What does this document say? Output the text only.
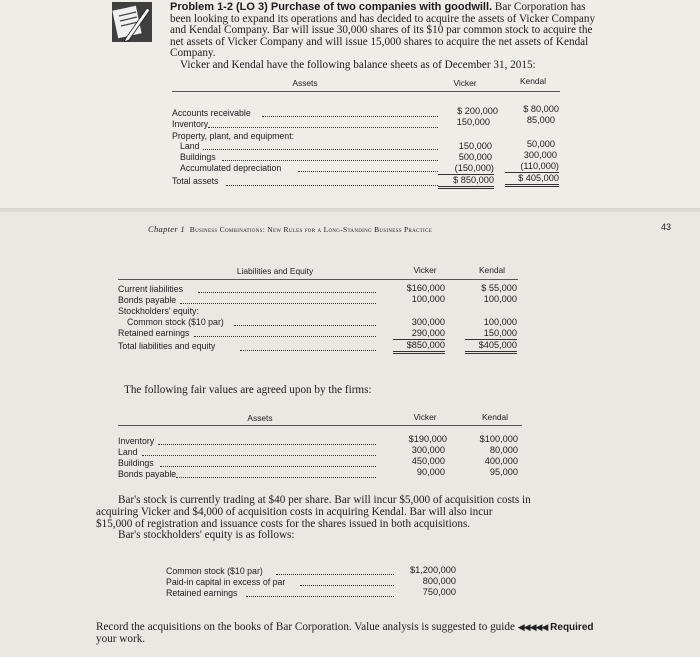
Problem 1-2 (LO 3) Purchase of two companies with goodwill. Bar Corporation has
been looking to expand its operations and has decided to acquire the assets of Vicker Company
and Kendal Company. Bar will issue 30,000 shares of its $10 par common stock to acquire the
net assets of Vicker Company and will issue 15,000 shares to acquire the net assets of Kendal
Company.
Vicker and Kendal have the following balance sheets as of December 31, 2015:
Assets	Vicker	Kendal
Accounts receivable	$ 200,000	$ 80,000
Inventory	150,000	85,000
Property, plant, and equipment:
Land	150,000	50,000
Buildings	500,000	300,000
Accumulated depreciation	(150,000)	(110,000)
Total assets	$ 850,000	$ 405,000
Chapter 1 Business Combinations: New Rules for a Long-Standing Business Practice	43
Liabilities and Equity	Vicker	Kendal
Current liabilities	$160,000	$ 55,000
Bonds payable	100,000	100,000
Stockholders' equity:
Common stock ($10 par)	300,000	100,000
Retained earnings	290,000	150,000
Total liabilities and equity	$850,000	$405,000
The following fair values are agreed upon by the firms:
Assets	Vicker	Kendal
Inventory	$190,000	$100,000
Land	300,000	80,000
Buildings	450,000	400,000
Bonds payable	90,000	95,000
Bar's stock is currently trading at $40 per share. Bar will incur $5,000 of acquisition costs in
acquiring Vicker and $4,000 of acquisition costs in acquiring Kendal. Bar will also incur
$15,000 of registration and issuance costs for the shares issued in both acquisitions.
Bar's stockholders' equity is as follows:
Common stock ($10 par)	$1,200,000
Paid-in capital in excess of par	800,000
Retained earnings	750,000
Record the acquisitions on the books of Bar Corporation. Value analysis is suggested to guide ◀◀◀◀◀ Required
your work.
